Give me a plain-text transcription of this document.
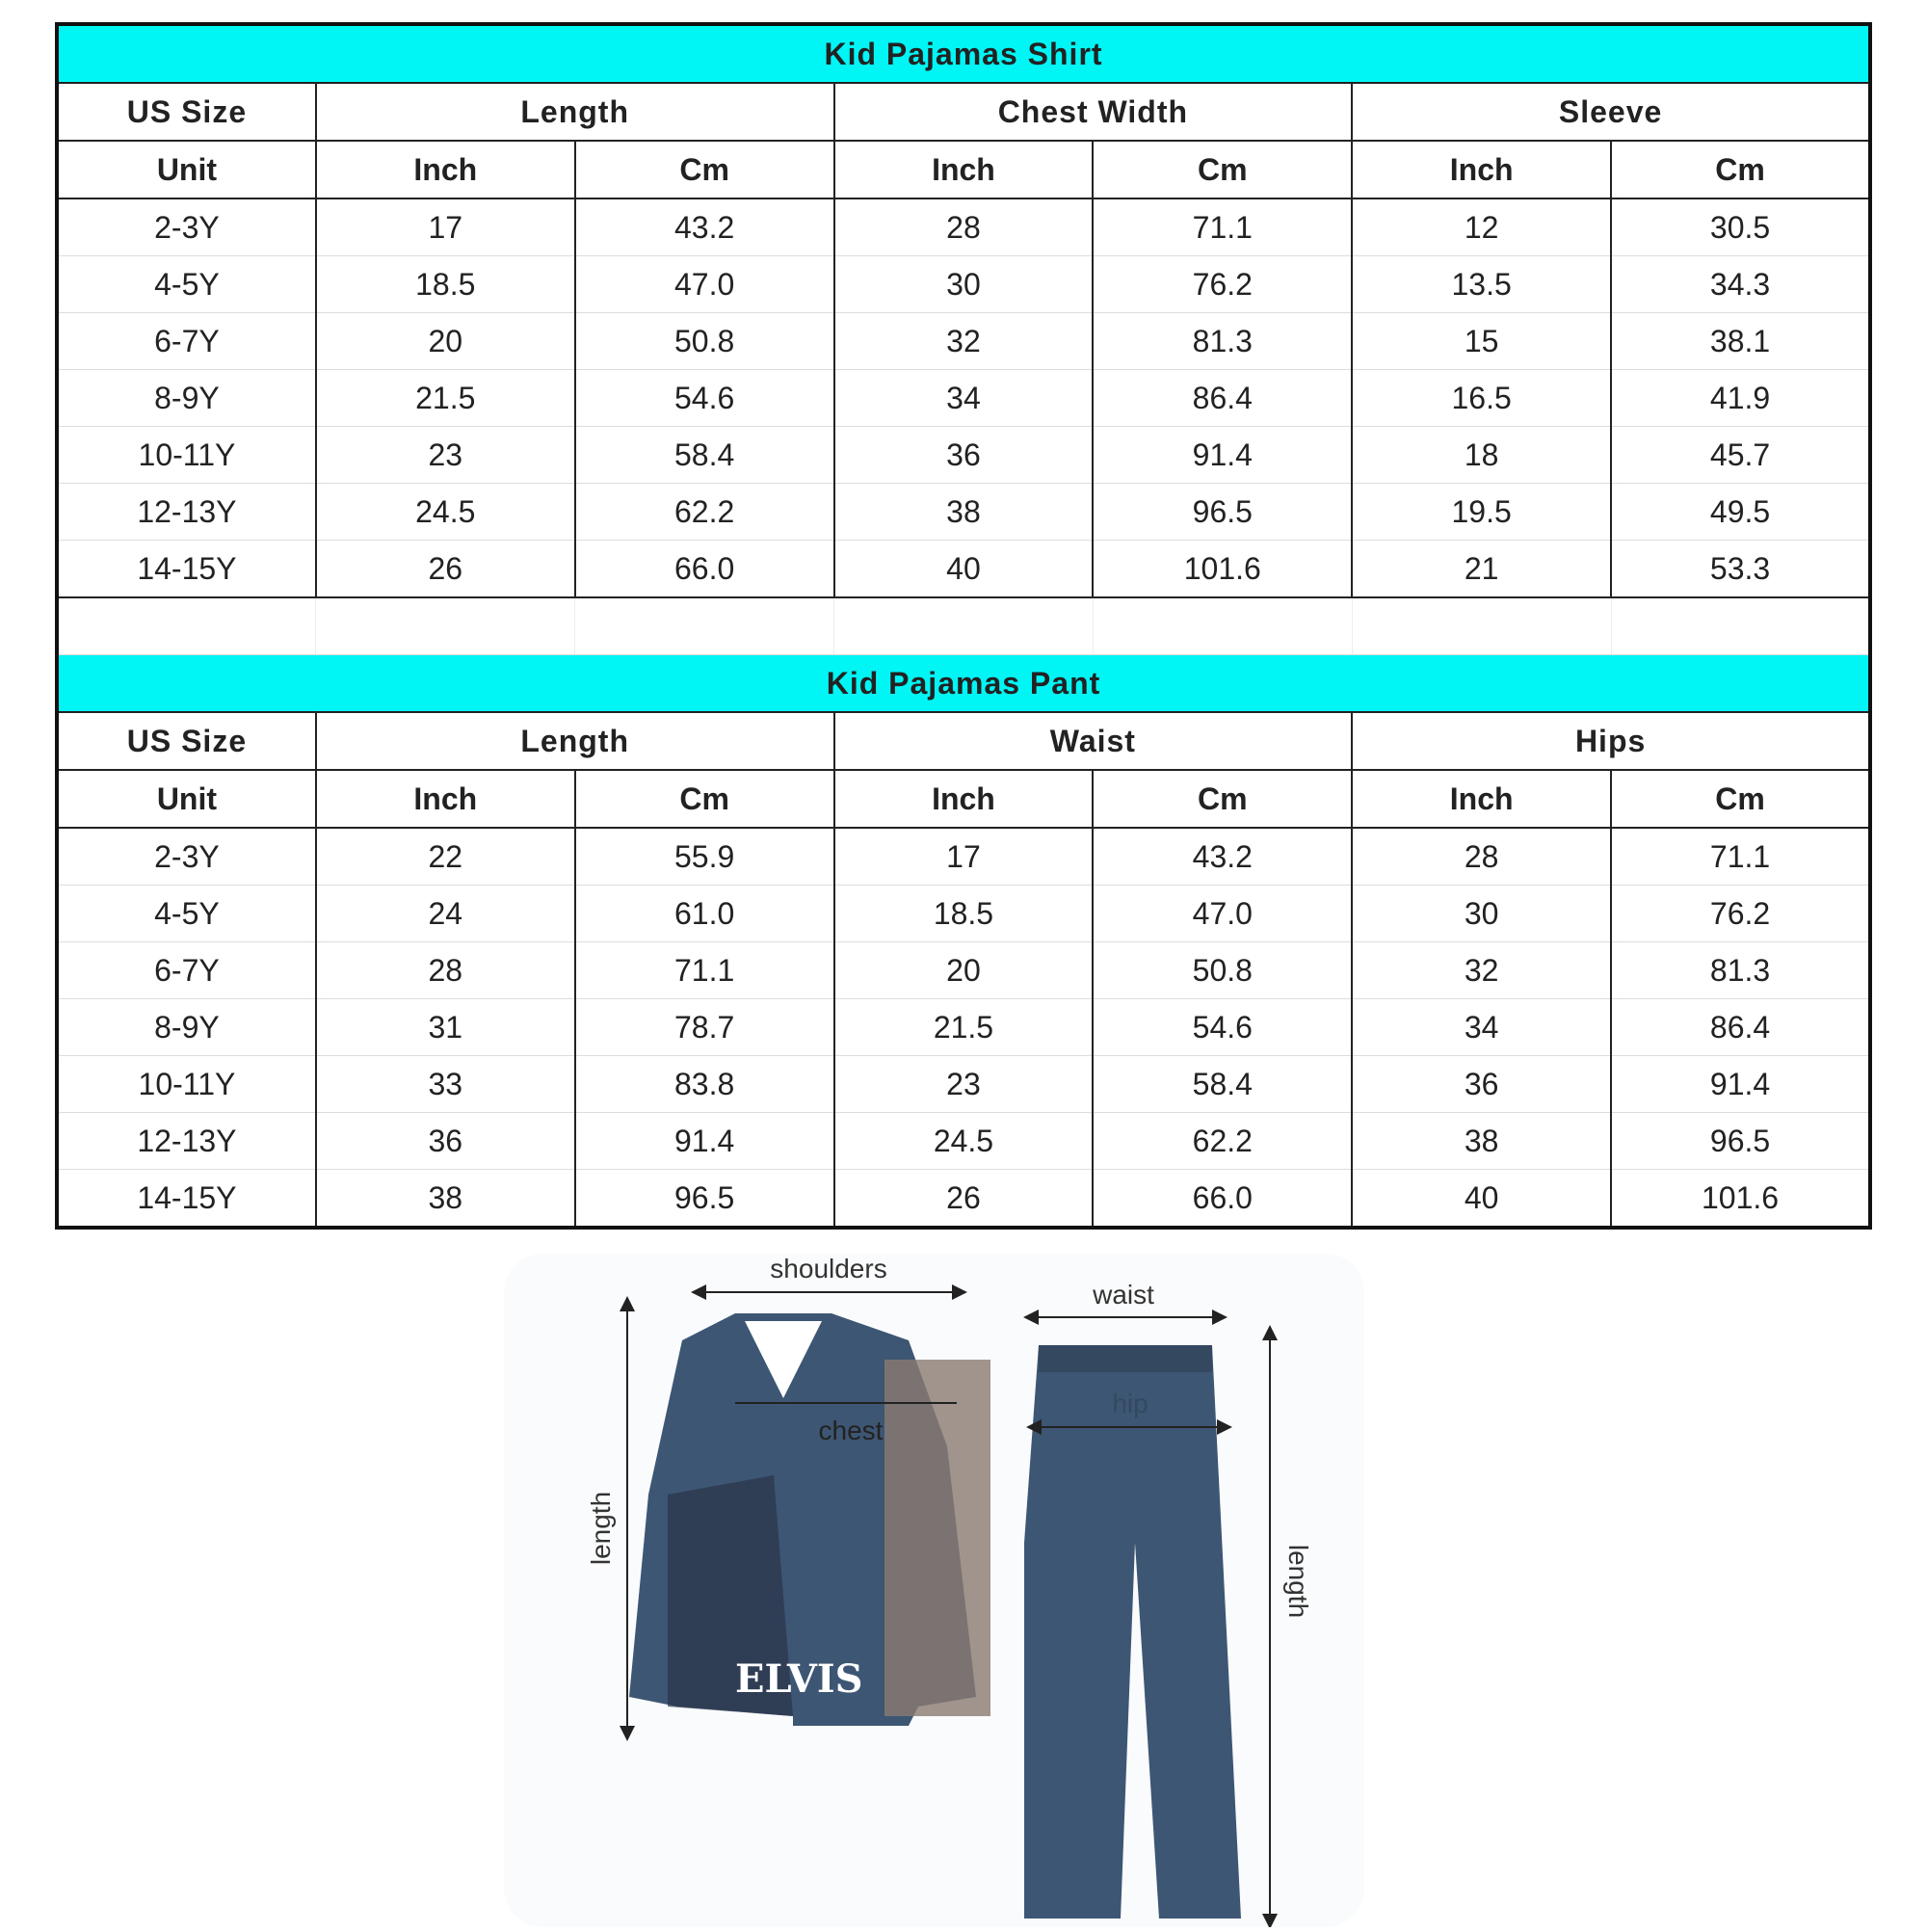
Kid Pajamas Shirt						
US Size	Length		Chest Width		Sleeve	
Unit	Inch	Cm	Inch	Cm	Inch	Cm
2-3Y	17	43.2	28	71.1	12	30.5
4-5Y	18.5	47.0	30	76.2	13.5	34.3
6-7Y	20	50.8	32	81.3	15	38.1
8-9Y	21.5	54.6	34	86.4	16.5	41.9
10-11Y	23	58.4	36	91.4	18	45.7
12-13Y	24.5	62.2	38	96.5	19.5	49.5
14-15Y	26	66.0	40	101.6	21	53.3

Kid Pajamas Pant						
US Size	Length		Waist		Hips	
Unit	Inch	Cm	Inch	Cm	Inch	Cm
2-3Y	22	55.9	17	43.2	28	71.1
4-5Y	24	61.0	18.5	47.0	30	76.2
6-7Y	28	71.1	20	50.8	32	81.3
8-9Y	31	78.7	21.5	54.6	34	86.4
10-11Y	33	83.8	23	58.4	36	91.4
12-13Y	36	91.4	24.5	62.2	38	96.5
14-15Y	38	96.5	26	66.0	40	101.6
ELVIS
shoulders
chest
length
waist
hip
length
